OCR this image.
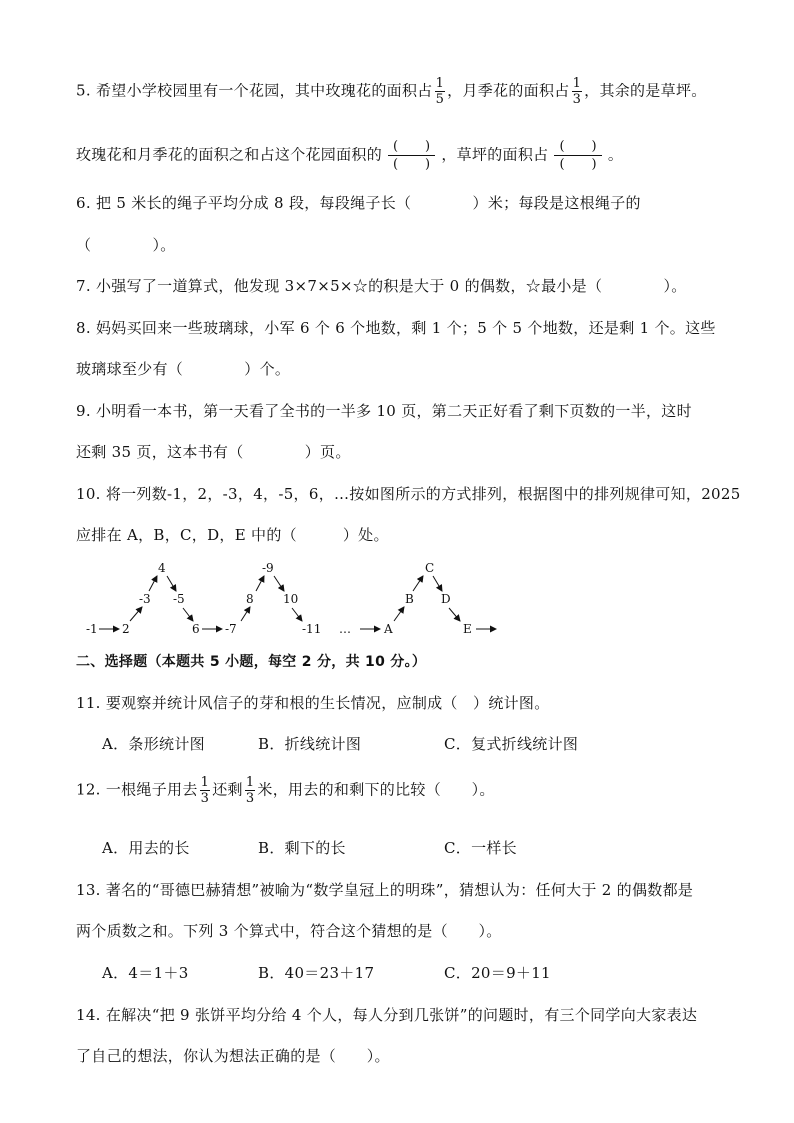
5. 希望小学校园里有一个花园，其中玫瑰花的面积占 $\frac{1}{5}$ ，月季花的面积占 $\frac{1}{3}$ ，其余的是草坪。
玫瑰花和月季花的面积之和占这个花园面积的 (　　)
(　　)
，草坪的面积占 (　　)
(　　)
。
6. 把 5 米长的绳子平均分成 8 段，每段绳子长（　　　　）米；每段是这根绳子的
（　　　　）。
7. 小强写了一道算式，他发现 3×7×5×☆的积是大于 0 的偶数，☆最小是（　　　　）。
8. 妈妈买回来一些玻璃球，小军 6 个 6 个地数，剩 1 个；5 个 5 个地数，还是剩 1 个。这些
玻璃球至少有（　　　　）个。
9. 小明看一本书，第一天看了全书的一半多 10 页，第二天正好看了剩下页数的一半，这时
还剩 35 页，这本书有（　　　　）页。
10. 将一列数-1，2，-3，4，-5，6，…按如图所示的方式排列，根据图中的排列规律可知，2025
应排在 A，B，C，D，E 中的（　　　）处。
-1 2
-3
4
-5
6 -7
8
-9
10
-11 …	A
B
C
D
E
二、选择题（本题共 5 小题，每空 2 分，共 10 分。）
11. 要观察并统计风信子的芽和根的生长情况，应制成（　）统计图。
A．条形统计图	B．折线统计图	C．复式折线统计图
12. 一根绳子用去 $\frac{1}{3}$ 还剩 $\frac{1}{3}$ 米，用去的和剩下的比较（　　）。
A．用去的长	B．剩下的长	C．一样长
13. 著名的“哥德巴赫猜想”被喻为“数学皇冠上的明珠”，猜想认为：任何大于 2 的偶数都是
两个质数之和。下列 3 个算式中，符合这个猜想的是（　　）。
A．4＝1＋3	B．40＝23＋17	C．20＝9＋11
14. 在解决“把 9 张饼平均分给 4 个人，每人分到几张饼”的问题时，有三个同学向大家表达
了自己的想法，你认为想法正确的是（　　）。
